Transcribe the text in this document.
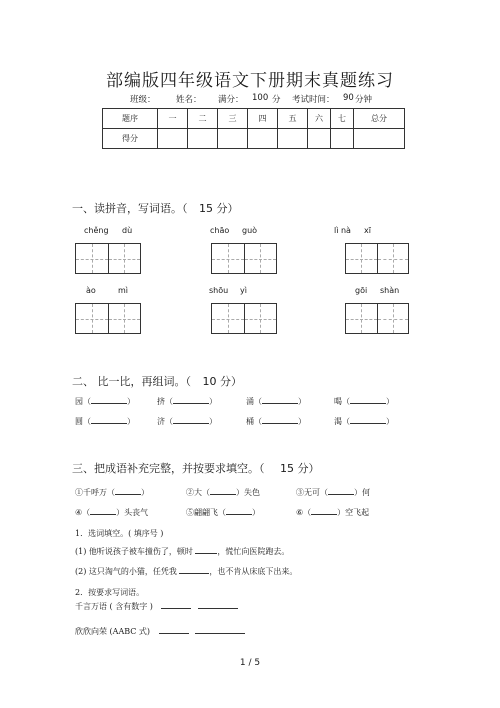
部编版四年级语文下册期末真题练习
班级： 姓名： 满分： 100 分 考试时间： 90 分钟
题序	一	二	三	四	五	六	七	总分
得分								
一、读拼音，写词语。（ 15 分）
chěng dù	chāo guò	lì nà xī
ào	mì	shōu yì	gōi shàn
二、 比一比，再组词。（ 10 分）
园（	）	挤（	）	涌（	）	喝（	）
圆（	）	济（	）	桶（	）	渴（	）
三、把成语补充完整，并按要求填空。（ 15 分）
①千呼万（	）	②大（	）失色	③无可（	）何
④（	）头丧气	⑤翩翩飞（	）	⑥（	）空飞起
1．选词填空。( 填序号 )
(1) 他听说孩子被车撞伤了，顿时	，慌忙向医院跑去。
(2) 这只淘气的小猫，任凭我	，也不肯从床底下出来。
2．按要求写词语。
千言万语 ( 含有数字 )
欣欣向荣 (AABC 式)
1 / 5
